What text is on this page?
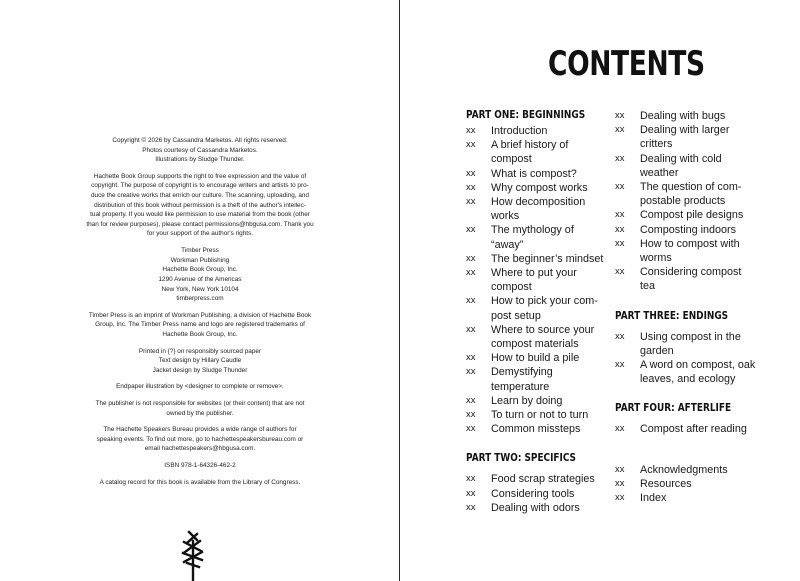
Copyright © 2026 by Cassandra Marketos. All rights reserved.
Photos courtesy of Cassandra Marketos.
Illustrations by Sludge Thunder.

Hachette Book Group supports the right to free expression and the value of
copyright. The purpose of copyright is to encourage writers and artists to pro-
duce the creative works that enrich our culture. The scanning, uploading, and
distribution of this book without permission is a theft of the author's intellec-
tual property. If you would like permission to use material from the book (other
than for review purposes), please contact permissions@hbgusa.com. Thank you
for your support of the author's rights.

Timber Press
Workman Publishing
Hachette Book Group, Inc.
1290 Avenue of the Americas
New York, New York 10104
timberpress.com

Timber Press is an imprint of Workman Publishing, a division of Hachette Book
Group, Inc. The Timber Press name and logo are registered trademarks of
Hachette Book Group, Inc.

Printed in {?} on responsibly sourced paper
Text design by Hillary Caudle
Jacket design by Sludge Thunder

Endpaper illustration by <designer to complete or remove>.

The publisher is not responsible for websites (or their content) that are not
owned by the publisher.

The Hachette Speakers Bureau provides a wide range of authors for
speaking events. To find out more, go to hachettespeakersbureau.com or
email hachettespeakers@hbgusa.com.

ISBN 978-1-64326-462-2

A catalog record for this book is available from the Library of Congress.

CONTENTS
PART ONE: BEGINNINGS
xx	Introduction
xx	A brief history of compost
xx	What is compost?
xx	Why compost works
xx	How decomposition works
xx	The mythology of “away”
xx	The beginner’s mindset
xx	Where to put your compost
xx	How to pick your com-post setup
xx	Where to source your compost materials
xx	How to build a pile
xx	Demystifying temperature
xx	Learn by doing
xx	To turn or not to turn
xx	Common missteps
PART TWO: SPECIFICS
xx	Food scrap strategies
xx	Considering tools
xx	Dealing with odors
xx	Dealing with bugs
xx	Dealing with larger critters
xx	Dealing with cold weather
xx	The question of com-postable products
xx	Compost pile designs
xx	Composting indoors
xx	How to compost with worms
xx	Considering compost tea
PART THREE: ENDINGS
xx	Using compost in the garden
xx	A word on compost, oak leaves, and ecology
PART FOUR: AFTERLIFE
xx	Compost after reading
xx	Acknowledgments
xx	Resources
xx	Index
